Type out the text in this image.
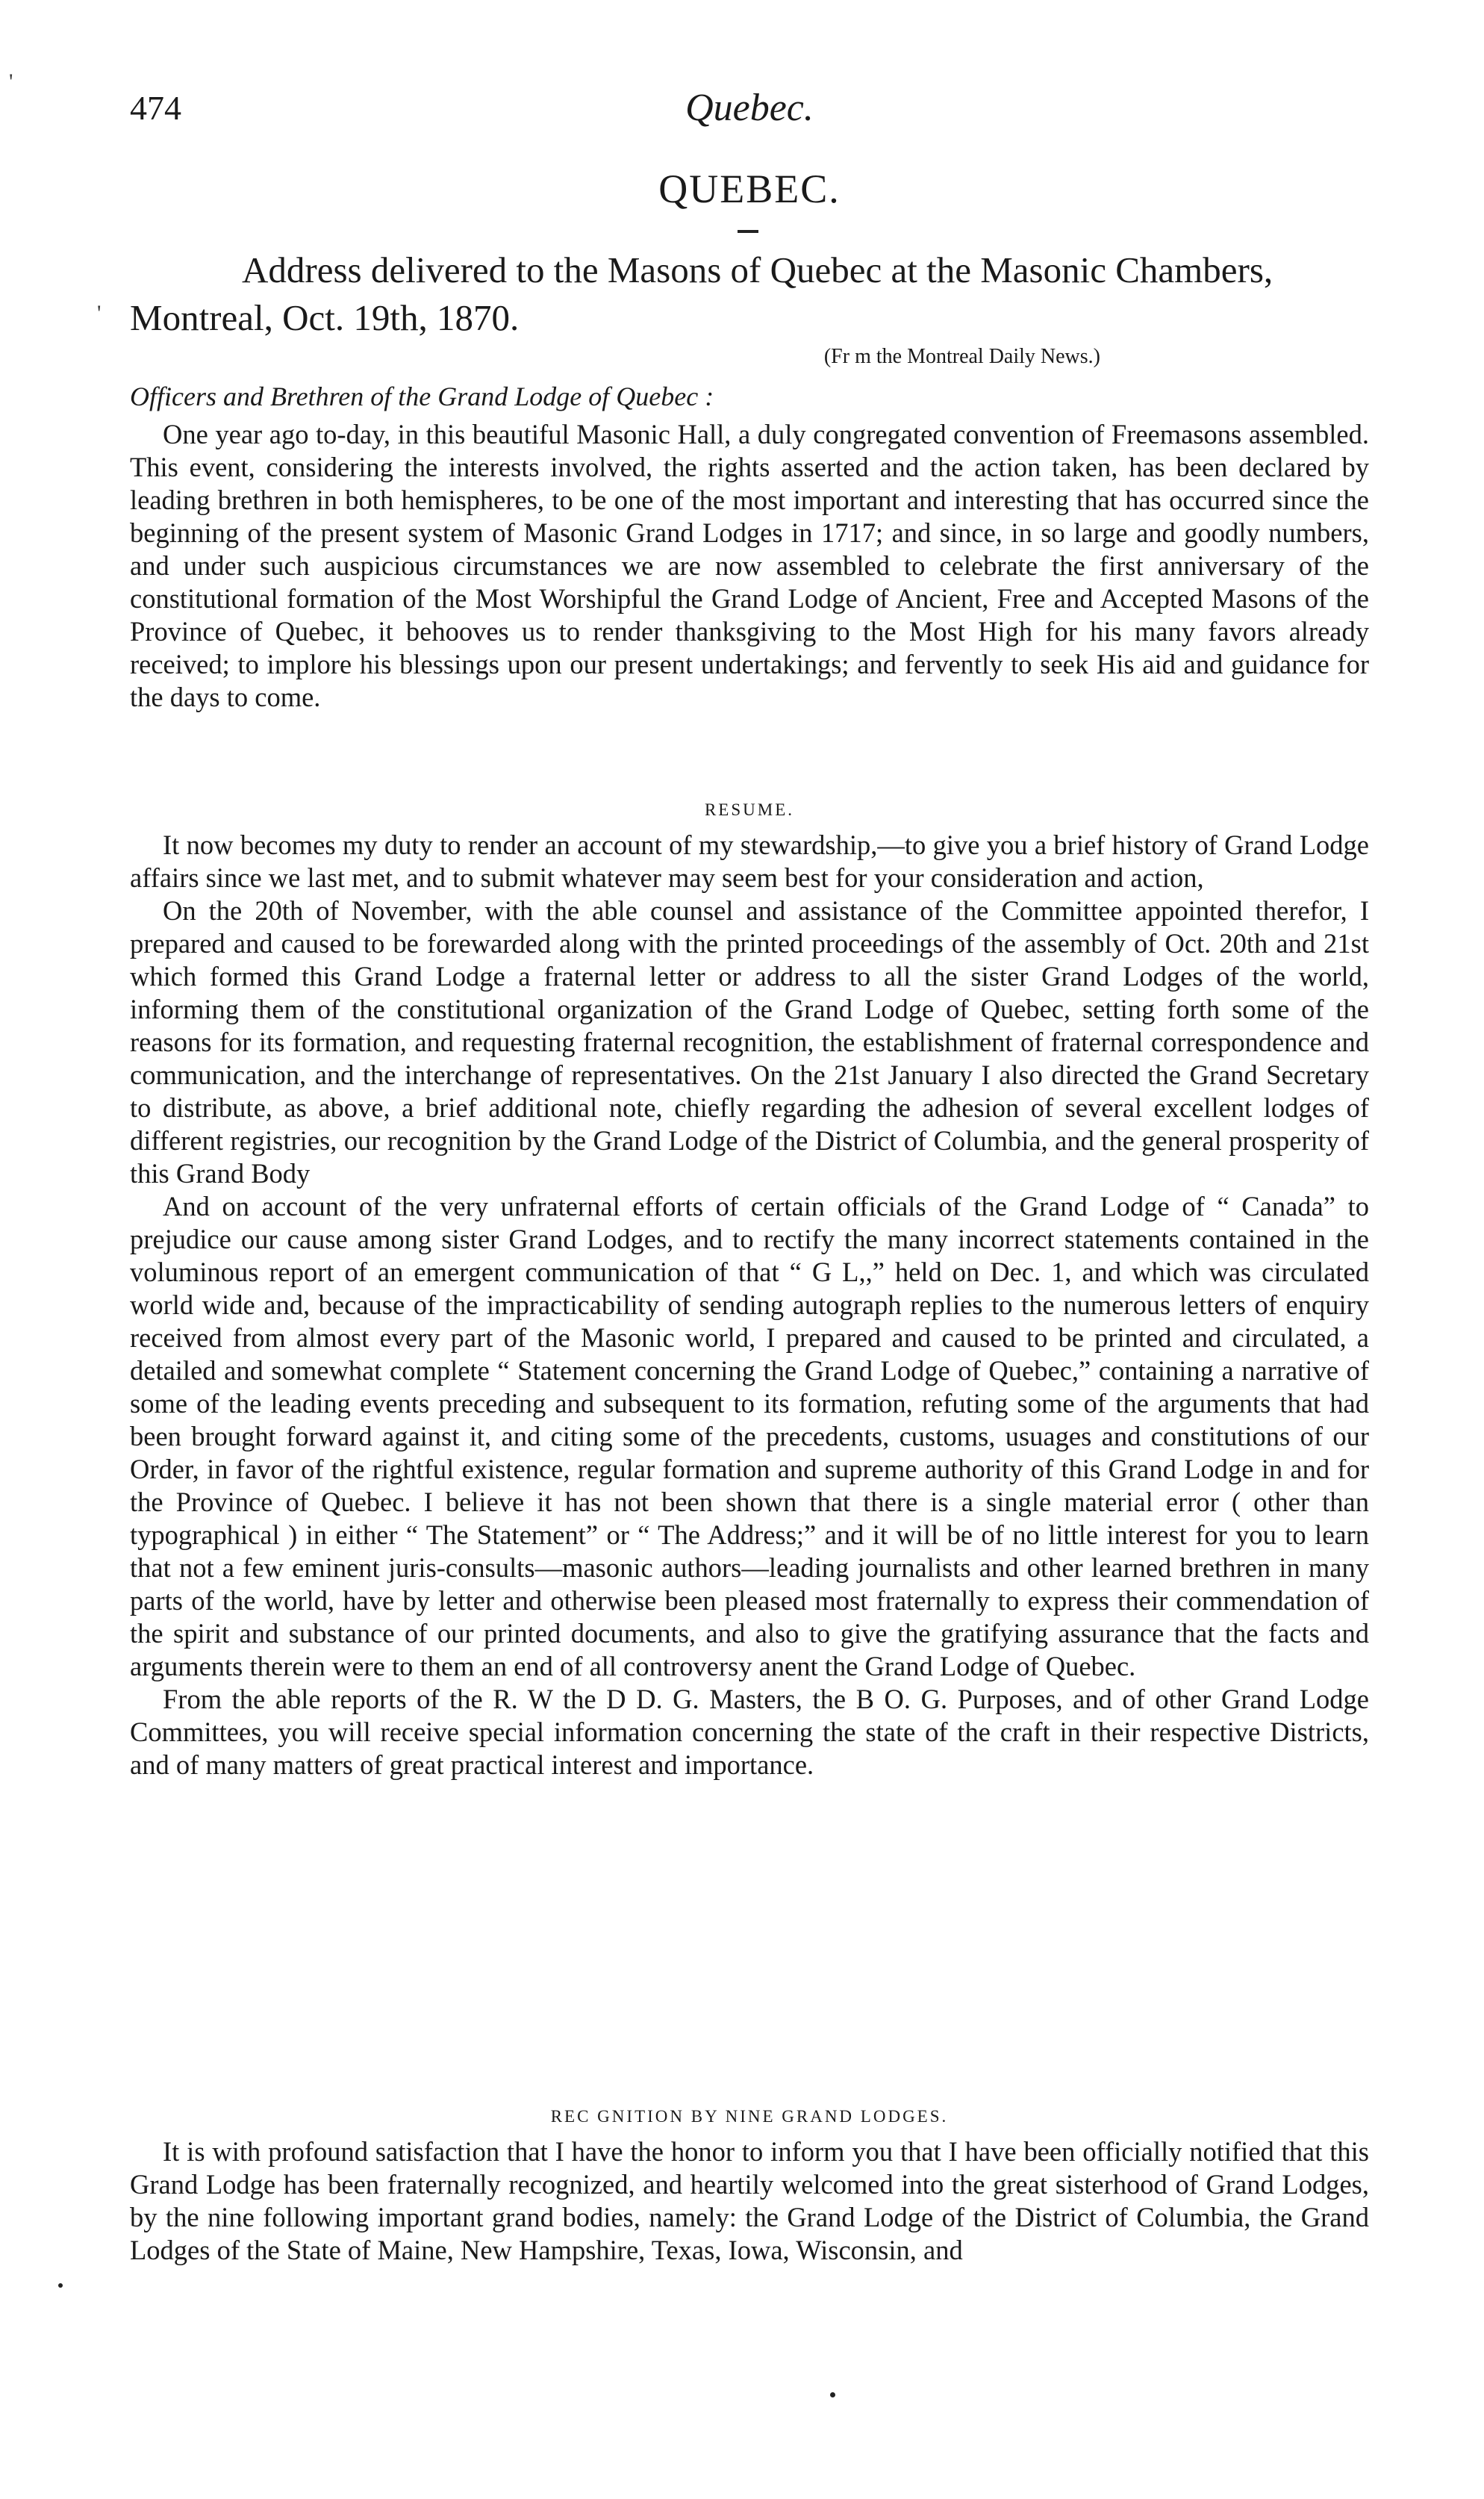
474	Quebec.
QUEBEC.
Address delivered to the Masons of Quebec at the Masonic Chambers, Montreal, Oct. 19th, 1870.
(Fr m the Montreal Daily News.)
Officers and Brethren of the Grand Lodge of Quebec :

One year ago to-day, in this beautiful Masonic Hall, a duly congregated convention of Freemasons assembled. This event, considering the interests involved, the rights asserted and the action taken, has been declared by leading brethren in both hemispheres, to be one of the most important and interesting that has occurred since the beginning of the present system of Masonic Grand Lodges in 1717; and since, in so large and goodly numbers, and under such auspicious circumstances we are now assembled to celebrate the first anniversary of the constitutional formation of the Most Worshipful the Grand Lodge of Ancient, Free and Accepted Masons of the Province of Quebec, it behooves us to render thanksgiving to the Most High for his many favors already received; to implore his blessings upon our present undertakings; and fervently to seek His aid and guidance for the days to come.

RESUME.

It now becomes my duty to render an account of my stewardship,—to give you a brief history of Grand Lodge affairs since we last met, and to submit whatever may seem best for your consideration and action,

On the 20th of November, with the able counsel and assistance of the Committee appointed therefor, I prepared and caused to be forewarded along with the printed proceedings of the assembly of Oct. 20th and 21st which formed this Grand Lodge a fraternal letter or address to all the sister Grand Lodges of the world, informing them of the constitutional organization of the Grand Lodge of Quebec, setting forth some of the reasons for its formation, and requesting fraternal recognition, the establishment of fraternal correspondence and communication, and the interchange of representatives. On the 21st January I also directed the Grand Secretary to distribute, as above, a brief additional note, chiefly regarding the adhesion of several excellent lodges of different registries, our recognition by the Grand Lodge of the District of Columbia, and the general prosperity of this Grand Body

And on account of the very unfraternal efforts of certain officials of the Grand Lodge of “ Canada” to prejudice our cause among sister Grand Lodges, and to rectify the many incorrect statements contained in the voluminous report of an emergent communication of that “ G L,,” held on Dec. 1, and which was circulated world wide and, because of the impracticability of sending autograph replies to the numerous letters of enquiry received from almost every part of the Masonic world, I prepared and caused to be printed and circulated, a detailed and somewhat complete “ Statement concerning the Grand Lodge of Quebec,” containing a narrative of some of the leading events preceding and subsequent to its formation, refuting some of the arguments that had been brought forward against it, and citing some of the precedents, customs, usuages and constitutions of our Order, in favor of the rightful existence, regular formation and supreme authority of this Grand Lodge in and for the Province of Quebec. I believe it has not been shown that there is a single material error ( other than typographical ) in either “ The Statement” or “ The Address;” and it will be of no little interest for you to learn that not a few eminent juris-consults—masonic authors—leading journalists and other learned brethren in many parts of the world, have by letter and otherwise been pleased most fraternally to express their commendation of the spirit and substance of our printed documents, and also to give the gratifying assurance that the facts and arguments therein were to them an end of all controversy anent the Grand Lodge of Quebec.

From the able reports of the R. W the D D. G. Masters, the B O. G. Purposes, and of other Grand Lodge Committees, you will receive special information concerning the state of the craft in their respective Districts, and of many matters of great practical interest and importance.

REC GNITION BY NINE GRAND LODGES.

It is with profound satisfaction that I have the honor to inform you that I have been officially notified that this Grand Lodge has been fraternally recognized, and heartily welcomed into the great sisterhood of Grand Lodges, by the nine following important grand bodies, namely: the Grand Lodge of the District of Columbia, the Grand Lodges of the State of Maine, New Hampshire, Texas, Iowa, Wisconsin, and

'
'
